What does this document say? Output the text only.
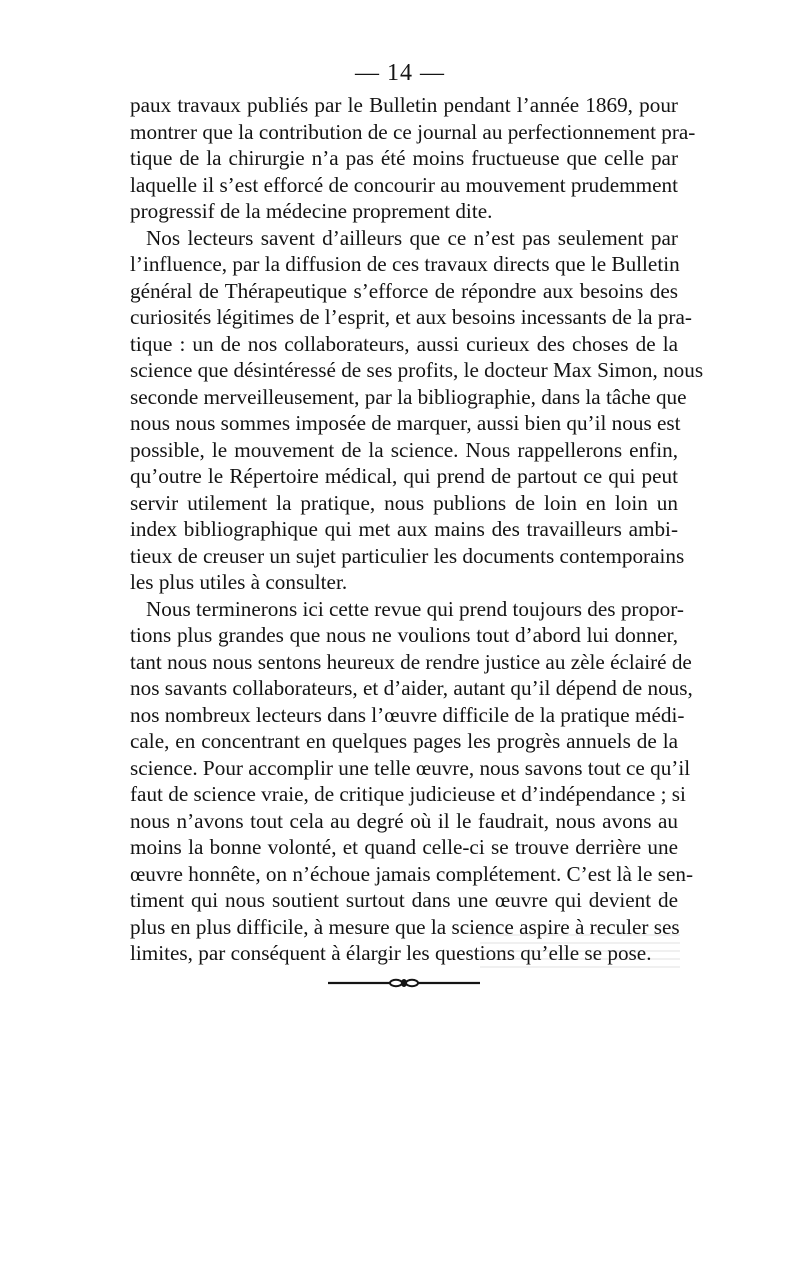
— 14 —
paux travaux publiés par le Bulletin pendant l’année 1869, pour
montrer que la contribution de ce journal au perfectionnement pra-
tique de la chirurgie n’a pas été moins fructueuse que celle par
laquelle il s’est efforcé de concourir au mouvement prudemment
progressif de la médecine proprement dite.
Nos lecteurs savent d’ailleurs que ce n’est pas seulement par
l’influence, par la diffusion de ces travaux directs que le Bulletin
général de Thérapeutique s’efforce de répondre aux besoins des
curiosités légitimes de l’esprit, et aux besoins incessants de la pra-
tique : un de nos collaborateurs, aussi curieux des choses de la
science que désintéressé de ses profits, le docteur Max Simon, nous
seconde merveilleusement, par la bibliographie, dans la tâche que
nous nous sommes imposée de marquer, aussi bien qu’il nous est
possible, le mouvement de la science. Nous rappellerons enfin,
qu’outre le Répertoire médical, qui prend de partout ce qui peut
servir utilement la pratique, nous publions de loin en loin un
index bibliographique qui met aux mains des travailleurs ambi-
tieux de creuser un sujet particulier les documents contemporains
les plus utiles à consulter.
Nous terminerons ici cette revue qui prend toujours des propor-
tions plus grandes que nous ne voulions tout d’abord lui donner,
tant nous nous sentons heureux de rendre justice au zèle éclairé de
nos savants collaborateurs, et d’aider, autant qu’il dépend de nous,
nos nombreux lecteurs dans l’œuvre difficile de la pratique médi-
cale, en concentrant en quelques pages les progrès annuels de la
science. Pour accomplir une telle œuvre, nous savons tout ce qu’il
faut de science vraie, de critique judicieuse et d’indépendance ; si
nous n’avons tout cela au degré où il le faudrait, nous avons au
moins la bonne volonté, et quand celle-ci se trouve derrière une
œuvre honnête, on n’échoue jamais complétement. C’est là le sen-
timent qui nous soutient surtout dans une œuvre qui devient de
plus en plus difficile, à mesure que la science aspire à reculer ses
limites, par conséquent à élargir les questions qu’elle se pose.
